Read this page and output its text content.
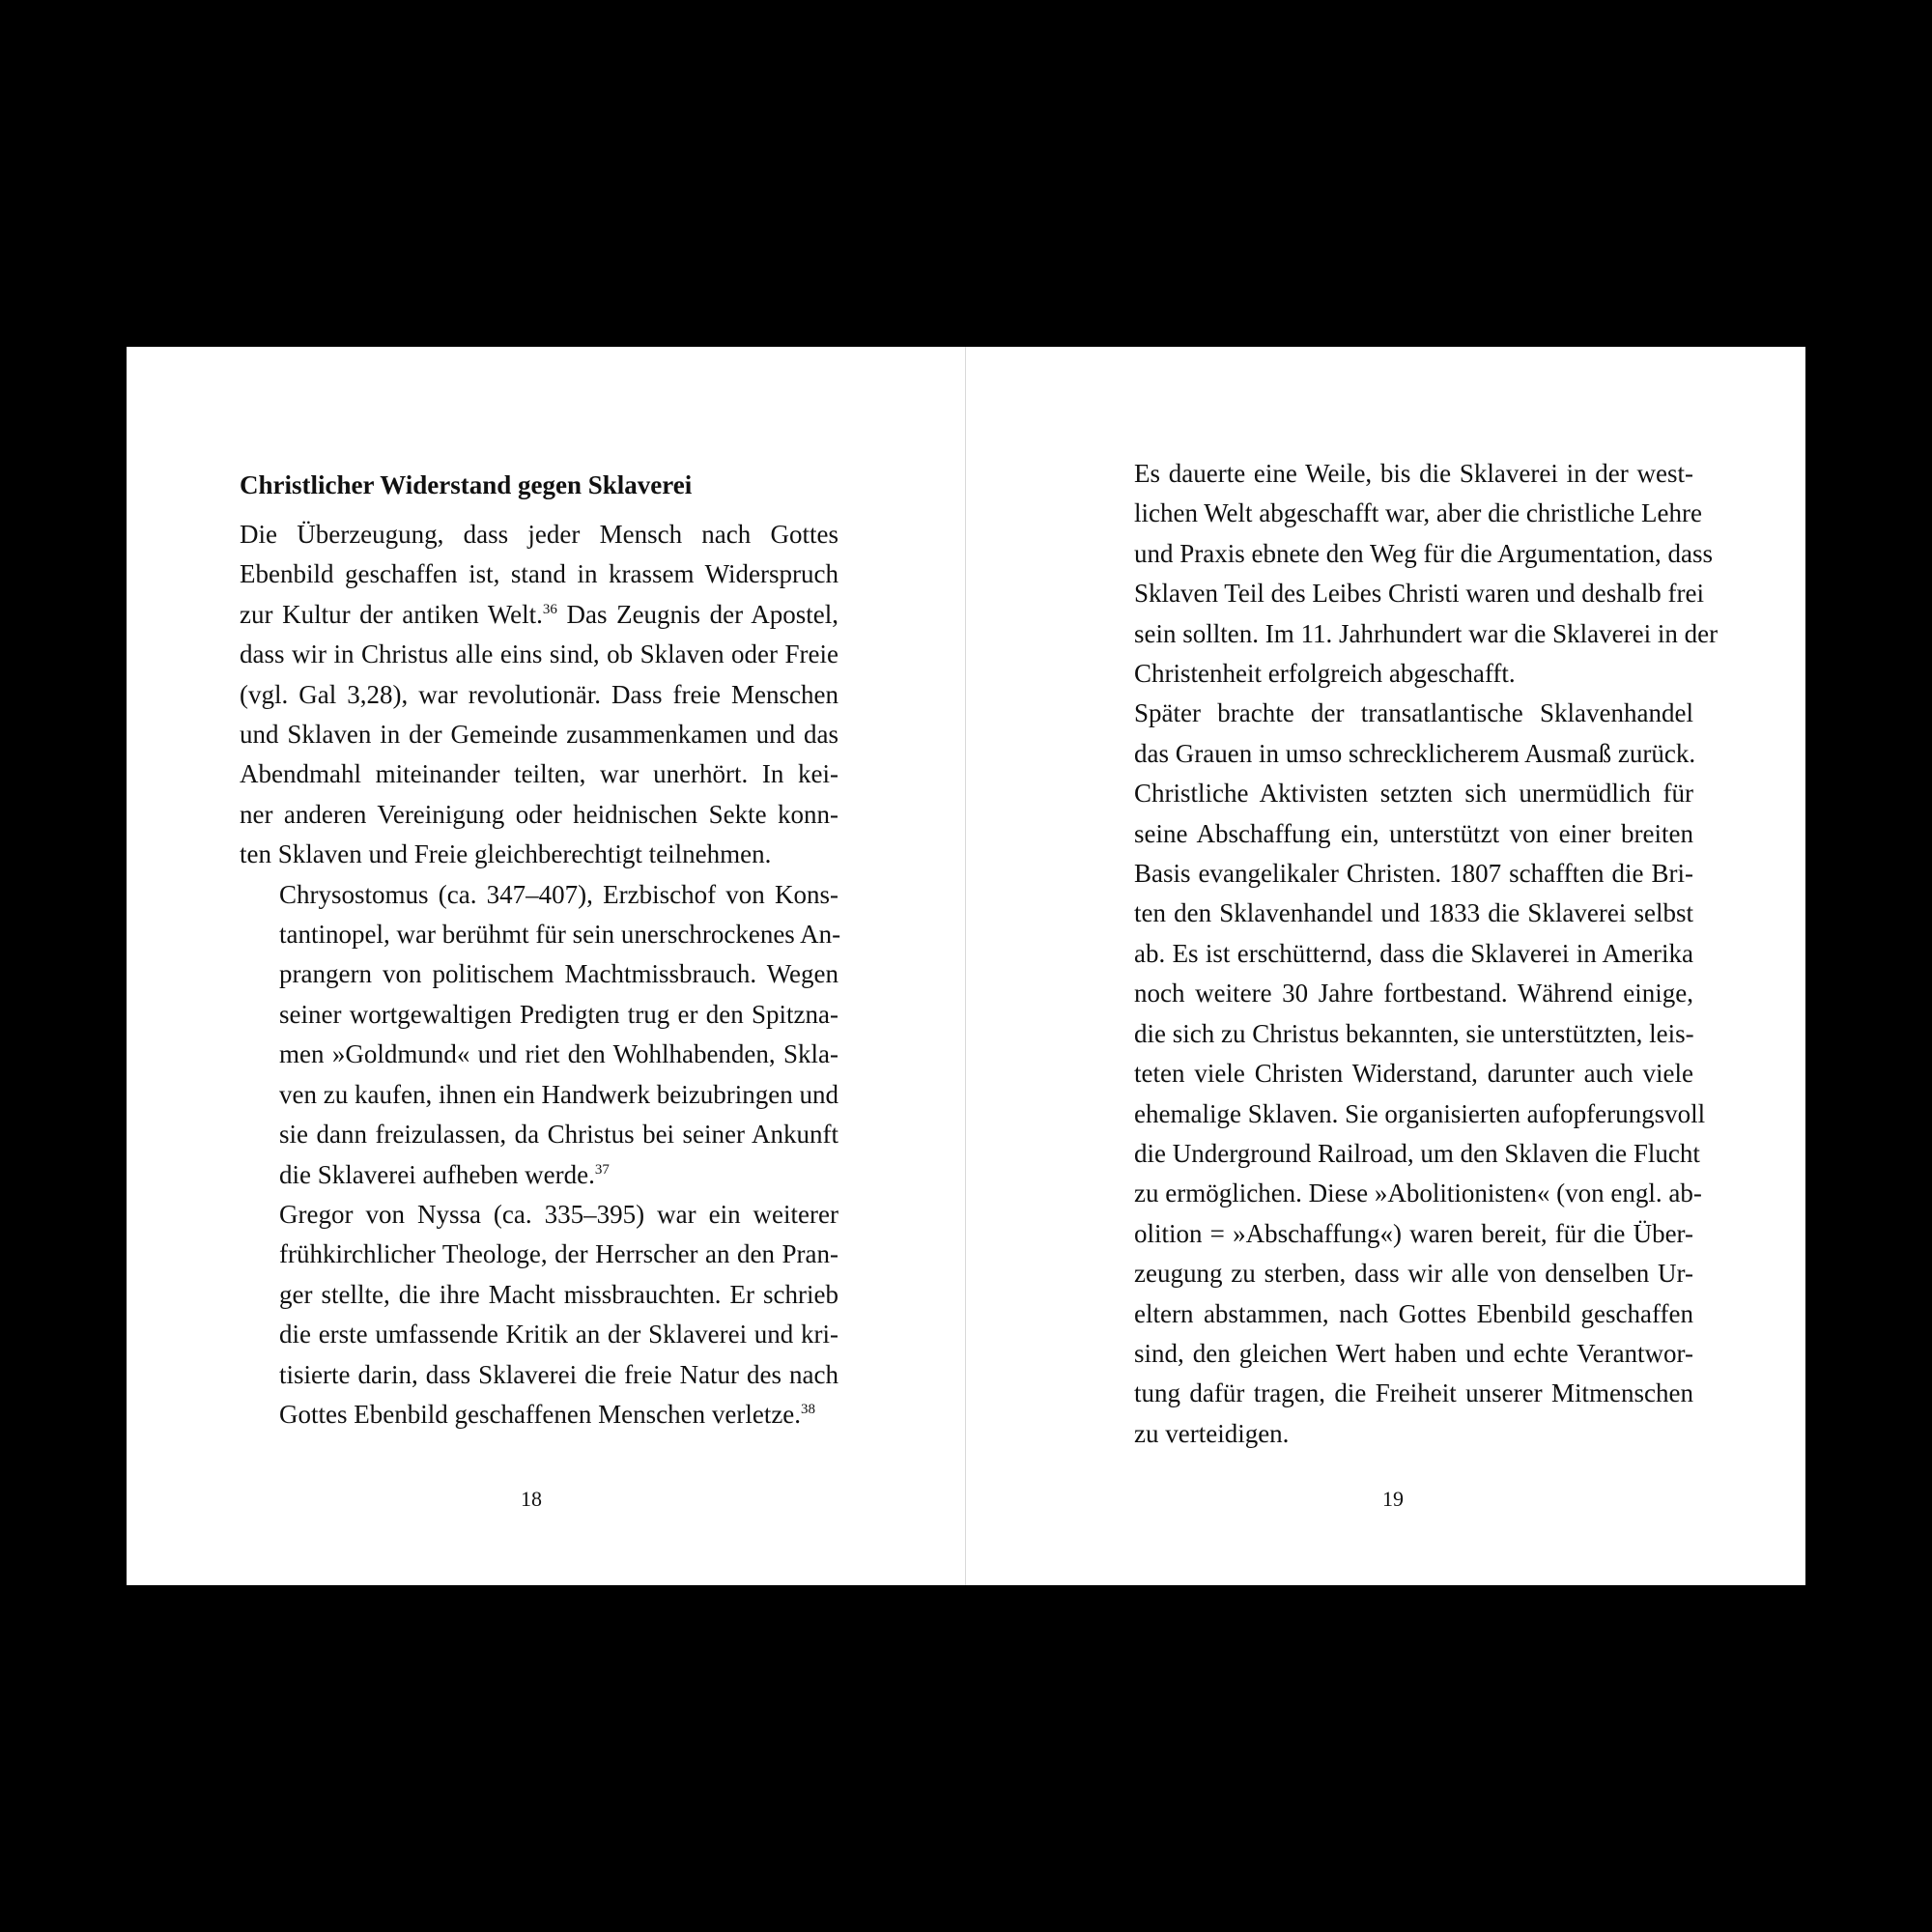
Christlicher Widerstand gegen Sklaverei

Die Überzeugung, dass jeder Mensch nach Gottes
Ebenbild geschaffen ist, stand in krassem Widerspruch
zur Kultur der antiken Welt.$^{36}$ Das Zeugnis der Apostel,
dass wir in Christus alle eins sind, ob Sklaven oder Freie
(vgl. Gal 3,28), war revolutionär. Dass freie Menschen
und Sklaven in der Gemeinde zusammenkamen und das
Abendmahl miteinander teilten, war unerhört. In kei-
ner anderen Vereinigung oder heidnischen Sekte konn-
ten Sklaven und Freie gleichberechtigt teilnehmen.

Chrysostomus (ca. 347–407), Erzbischof von Kons-
tantinopel, war berühmt für sein unerschrockenes An-
prangern von politischem Machtmissbrauch. Wegen
seiner wortgewaltigen Predigten trug er den Spitzna-
men »Goldmund« und riet den Wohlhabenden, Skla-
ven zu kaufen, ihnen ein Handwerk beizubringen und
sie dann freizulassen, da Christus bei seiner Ankunft
die Sklaverei aufheben werde.$^{37}$

Gregor von Nyssa (ca. 335–395) war ein weiterer
frühkirchlicher Theologe, der Herrscher an den Pran-
ger stellte, die ihre Macht missbrauchten. Er schrieb
die erste umfassende Kritik an der Sklaverei und kri-
tisierte darin, dass Sklaverei die freie Natur des nach
Gottes Ebenbild geschaffenen Menschen verletze.$^{38}$

18

Es dauerte eine Weile, bis die Sklaverei in der west-
lichen Welt abgeschafft war, aber die christliche Lehre
und Praxis ebnete den Weg für die Argumentation, dass
Sklaven Teil des Leibes Christi waren und deshalb frei
sein sollten. Im 11. Jahrhundert war die Sklaverei in der
Christenheit erfolgreich abgeschafft.

Später brachte der transatlantische Sklavenhandel
das Grauen in umso schrecklicherem Ausmaß zurück.
Christliche Aktivisten setzten sich unermüdlich für
seine Abschaffung ein, unterstützt von einer breiten
Basis evangelikaler Christen. 1807 schafften die Bri-
ten den Sklavenhandel und 1833 die Sklaverei selbst
ab. Es ist erschütternd, dass die Sklaverei in Amerika
noch weitere 30 Jahre fortbestand. Während einige,
die sich zu Christus bekannten, sie unterstützten, leis-
teten viele Christen Widerstand, darunter auch viele
ehemalige Sklaven. Sie organisierten aufopferungsvoll
die Underground Railroad, um den Sklaven die Flucht
zu ermöglichen. Diese »Abolitionisten« (von engl. ab-
olition = »Abschaffung«) waren bereit, für die Über-
zeugung zu sterben, dass wir alle von denselben Ur-
eltern abstammen, nach Gottes Ebenbild geschaffen
sind, den gleichen Wert haben und echte Verantwor-
tung dafür tragen, die Freiheit unserer Mitmenschen
zu verteidigen.

19
